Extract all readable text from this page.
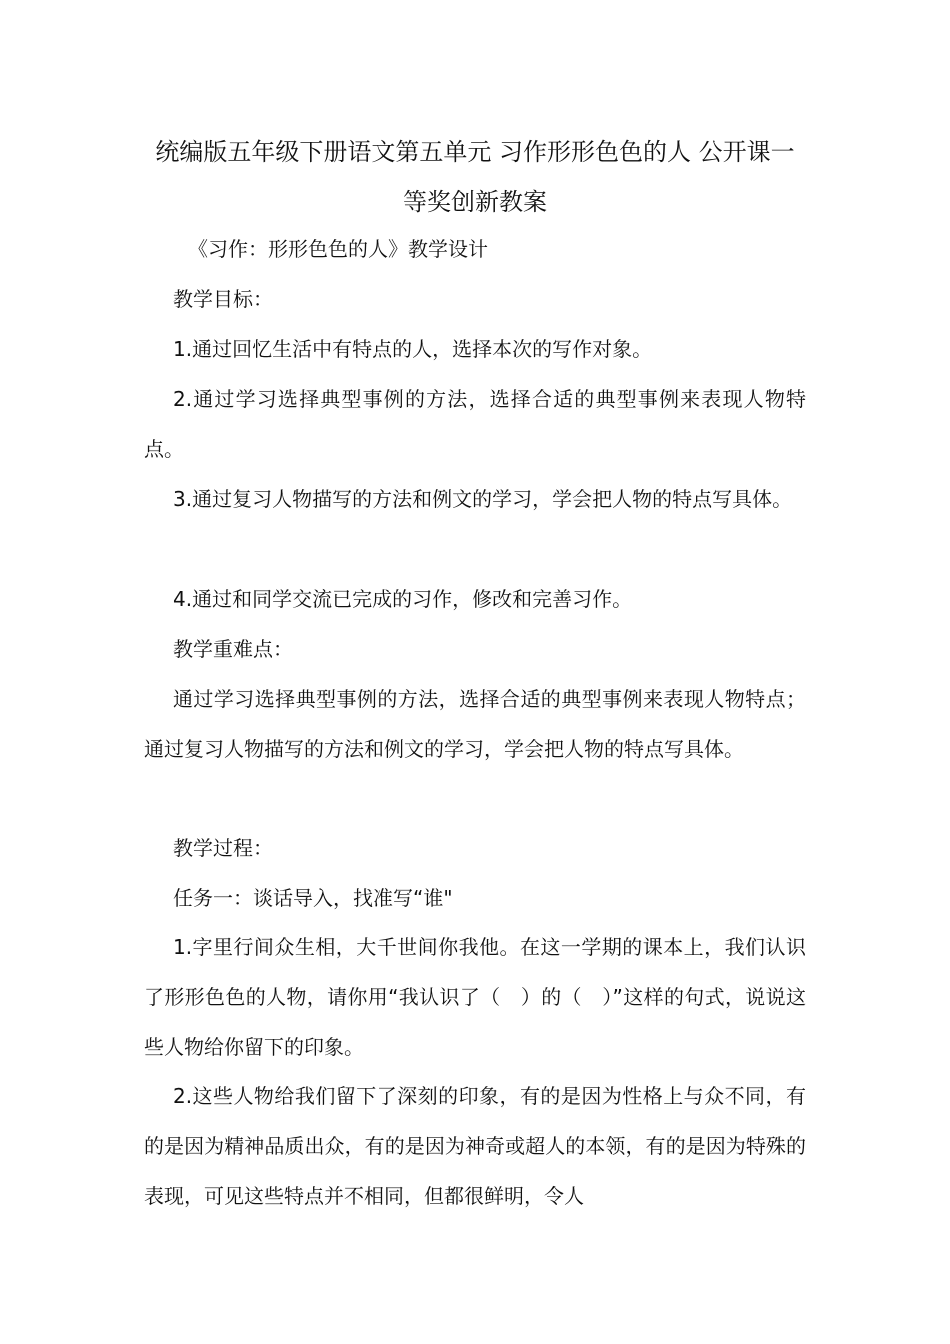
统编版五年级下册语文第五单元 习作形形色色的人 公开课一等奖创新教案

《习作：形形色色的人》教学设计

教学目标：

1.通过回忆生活中有特点的人，选择本次的写作对象。

2.通过学习选择典型事例的方法，选择合适的典型事例来表现人物特点。

3.通过复习人物描写的方法和例文的学习，学会把人物的特点写具体。

4.通过和同学交流已完成的习作，修改和完善习作。

教学重难点：

通过学习选择典型事例的方法，选择合适的典型事例来表现人物特点；通过复习人物描写的方法和例文的学习，学会把人物的特点写具体。

教学过程：

任务一：谈话导入，找准写“谁"

1.字里行间众生相，大千世间你我他。在这一学期的课本上，我们认识了形形色色的人物，请你用“我认识了（　）的（　）”这样的句式，说说这些人物给你留下的印象。

2.这些人物给我们留下了深刻的印象，有的是因为性格上与众不同，有的是因为精神品质出众，有的是因为神奇或超人的本领，有的是因为特殊的表现，可见这些特点并不相同，但都很鲜明，令人
